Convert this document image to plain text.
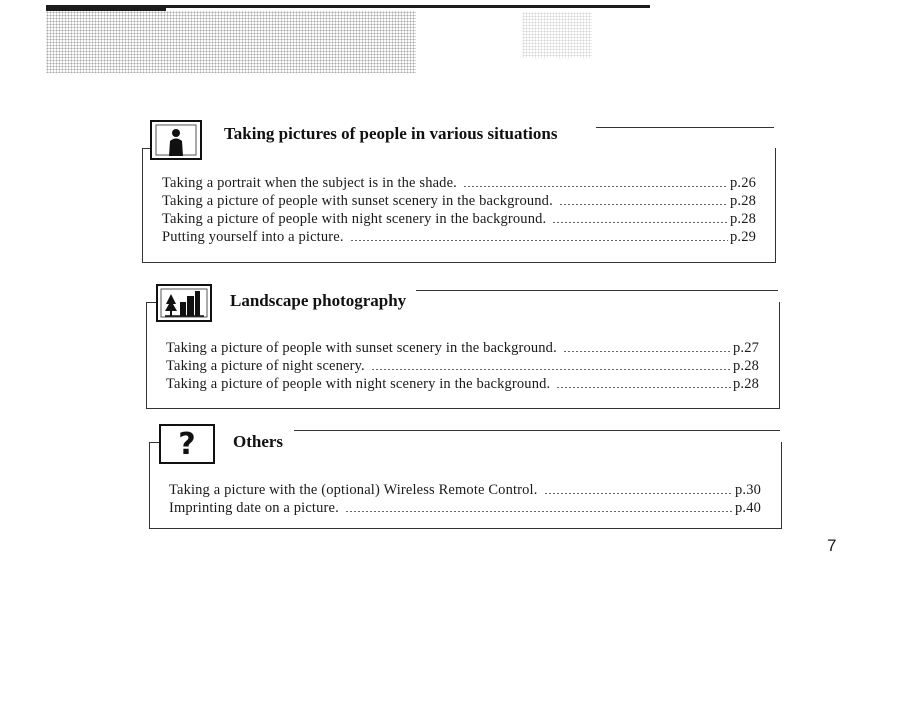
Taking pictures of people in various situations
Taking a portrait when the subject is in the shade.	p.26
Taking a picture of people with sunset scenery in the background.	p.28
Taking a picture of people with night scenery in the background.	p.28
Putting yourself into a picture.	p.29
Landscape photography
Taking a picture of people with sunset scenery in the background.	p.27
Taking a picture of night scenery.	p.28
Taking a picture of people with night scenery in the background.	p.28
?	Others
Taking a picture with the (optional) Wireless Remote Control.	p.30
Imprinting date on a picture.	p.40
7
